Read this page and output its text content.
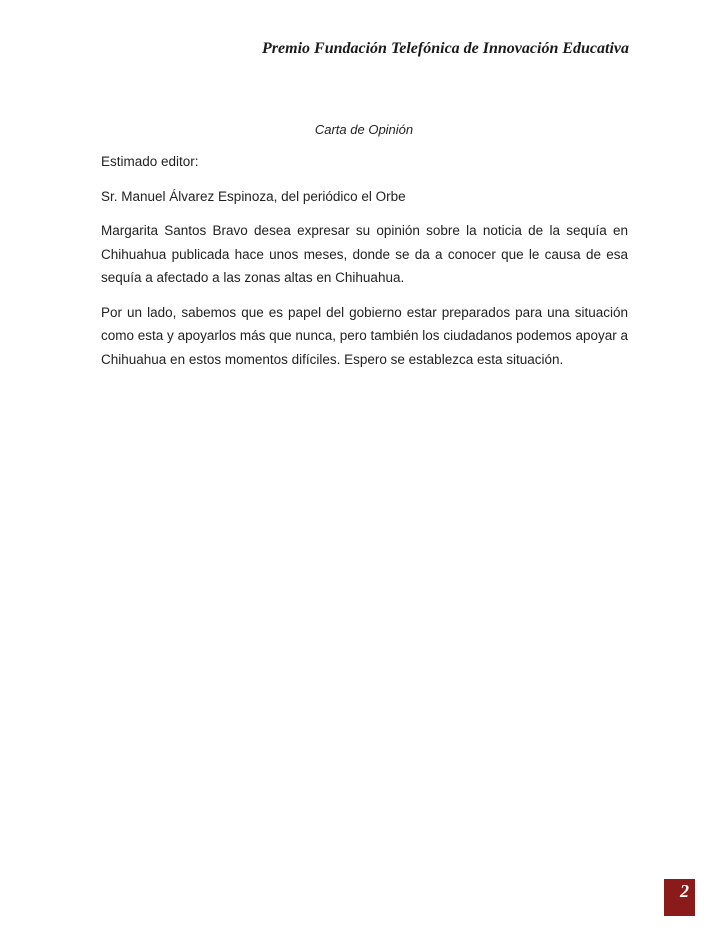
Premio Fundación Telefónica de Innovación Educativa
Carta de Opinión

Estimado editor:

Sr. Manuel Álvarez Espinoza, del periódico el Orbe

Margarita Santos Bravo desea expresar su opinión sobre la noticia de la sequía en Chihuahua publicada hace unos meses, donde se da a conocer que le causa de esa sequía a afectado a las zonas altas en Chihuahua.

Por un lado, sabemos que es papel del gobierno estar preparados para una situación como esta y apoyarlos más que nunca, pero también los ciudadanos podemos apoyar a Chihuahua en estos momentos difíciles. Espero se establezca esta situación.

2
